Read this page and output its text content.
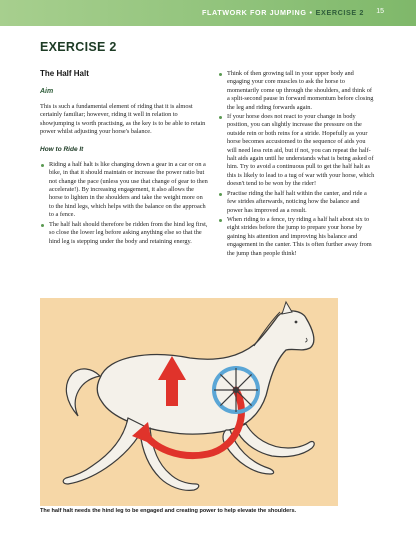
FLATWORK FOR JUMPING • EXERCISE 2 15
EXERCISE 2
The Half Halt
Aim

This is such a fundamental element of riding that it is almost certainly familiar; however, riding it well in relation to showjumping is worth practising, as the key is to be able to retain power whilst adjusting your horse's balance.

How to Ride It
Riding a half halt is like changing down a gear in a car or on a bike, in that it should maintain or increase the power ratio but not change the pace (unless you use that change of gear to then accelerate!). By increasing engagement, it also allows the horse to lighten in the shoulders and take the weight more on to the hind legs, which helps with the balance on the approach to a fence.
The half halt should therefore be ridden from the hind leg first, so close the lower leg before asking anything else so that the hind leg is stepping under the body and retaining energy.
Think of then growing tall in your upper body and engaging your core muscles to ask the horse to momentarily come up through the shoulders, and think of a split-second pause in forward momentum before closing the leg and riding forwards again.
If your horse does not react to your change in body position, you can slightly increase the pressure on the outside rein or both reins for a stride. Hopefully as your horse becomes accustomed to the sequence of aids you will need less rein aid, but if not, you can repeat the half-halt aids again until he understands what is being asked of him. Try to avoid a continuous pull to get the half halt as this is likely to lead to a tug of war with your horse, which doesn't tend to be won by the rider!
Practise riding the half halt within the canter, and ride a few strides afterwards, noticing how the balance and power has improved as a result.
When riding to a fence, try riding a half halt about six to eight strides before the jump to prepare your horse by gaining his attention and improving his balance and engagement in the canter. This is often further away from the jump than people think!
The half halt needs the hind leg to be engaged and creating power to help elevate the shoulders.
